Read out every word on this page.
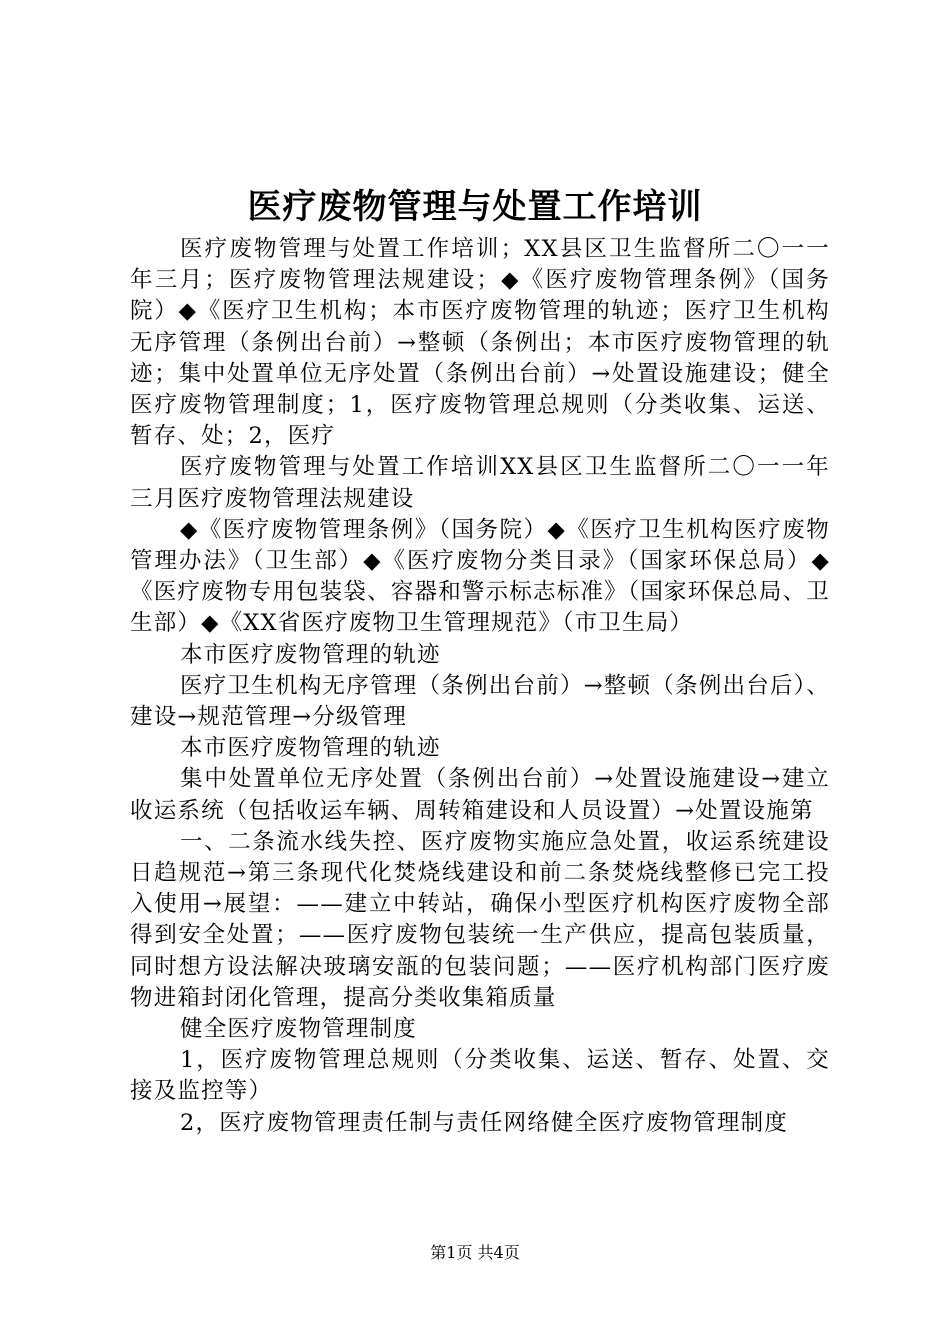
医疗废物管理与处置工作培训

医疗废物管理与处置工作培训；XX县区卫生监督所二〇一一年三月；医疗废物管理法规建设；◆《医疗废物管理条例》（国务院）◆《医疗卫生机构；本市医疗废物管理的轨迹；医疗卫生机构无序管理（条例出台前）→整顿（条例出；本市医疗废物管理的轨迹；集中处置单位无序处置（条例出台前）→处置设施建设；健全医疗废物管理制度；1，医疗废物管理总规则（分类收集、运送、暂存、处；2，医疗

医疗废物管理与处置工作培训XX县区卫生监督所二〇一一年三月医疗废物管理法规建设

◆《医疗废物管理条例》（国务院）◆《医疗卫生机构医疗废物管理办法》（卫生部）◆《医疗废物分类目录》（国家环保总局）◆《医疗废物专用包装袋、容器和警示标志标准》（国家环保总局、卫生部）◆《XX省医疗废物卫生管理规范》（市卫生局）

本市医疗废物管理的轨迹

医疗卫生机构无序管理（条例出台前）→整顿（条例出台后）、建设→规范管理→分级管理

本市医疗废物管理的轨迹

集中处置单位无序处置（条例出台前）→处置设施建设→建立收运系统（包括收运车辆、周转箱建设和人员设置）→处置设施第

一、二条流水线失控、医疗废物实施应急处置，收运系统建设日趋规范→第三条现代化焚烧线建设和前二条焚烧线整修已完工投入使用→展望：——建立中转站，确保小型医疗机构医疗废物全部得到安全处置；——医疗废物包装统一生产供应，提高包装质量，同时想方设法解决玻璃安瓿的包装问题；——医疗机构部门医疗废物进箱封闭化管理，提高分类收集箱质量

健全医疗废物管理制度

1，医疗废物管理总规则（分类收集、运送、暂存、处置、交接及监控等）

2，医疗废物管理责任制与责任网络健全医疗废物管理制度

第1页 共4页
